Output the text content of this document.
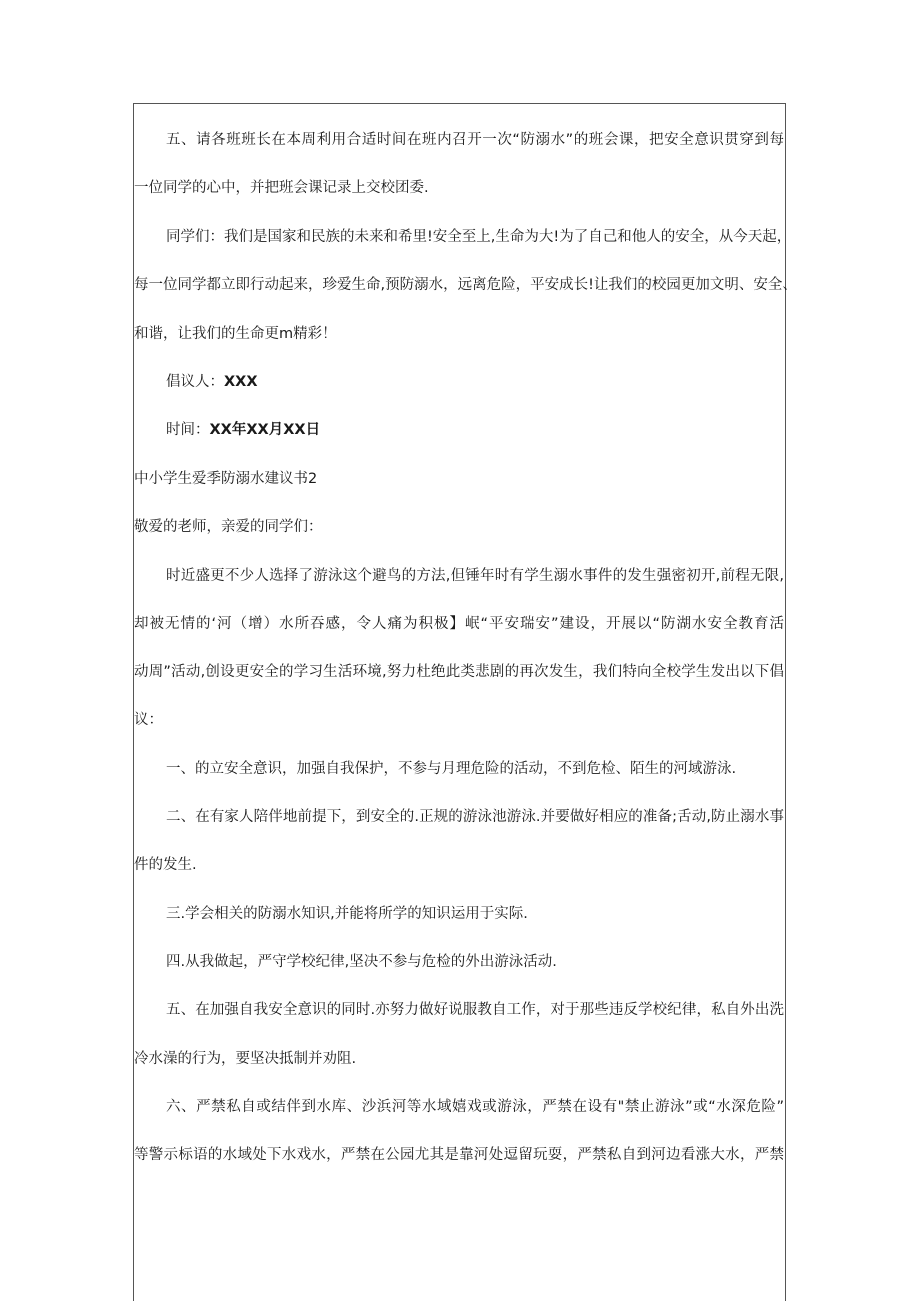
五、请各班班长在本周利用合适时间在班内召开一次“防溺水”的班会课，把安全意识贯穿到每
一位同学的心中，并把班会课记录上交校团委.
同学们：我们是国家和民族的未来和希里!安全至上,生命为大!为了自己和他人的安全，从今天起，
每一位同学都立即行动起来，珍爱生命,预防溺水，远离危险，平安成长!让我们的校园更加文明、安全、
和谐，让我们的生命更m精彩！
倡议人：XXX
时间：XX年XX月XX日
中小学生爱季防溺水建议书2
敬爱的老师，亲爱的同学们：
时近盛更不少人选择了游泳这个避鸟的方法,但锤年时有学生溺水事件的发生强密初开,前程无限,
却被无情的‘河（增）水所吞感，令人痛为积极】岷“平安瑞安”建设，开展以“防湖水安全教育活
动周”活动,创设更安全的学习生活环境,努力杜绝此类悲剧的再次发生，我们特向全校学生发出以下倡
议：
一、的立安全意识，加强自我保护，不参与月理危险的活动，不到危检、陌生的河域游泳.
二、在有家人陪伴地前提下，到安全的.正规的游泳池游泳.并要做好相应的准备;舌动,防止溺水事
件的发生.
三.学会相关的防溺水知识,并能将所学的知识运用于实际.
四.从我做起，严守学校纪律,坚决不参与危检的外出游泳活动.
五、在加强自我安全意识的同时.亦努力做好说服教自工作，对于那些违反学校纪律，私自外出洗
冷水澡的行为，要坚决抵制并劝阻.
六、严禁私自或结伴到水库、沙浜河等水域嬉戏或游泳，严禁在设有"禁止游泳”或“水深危险”
等警示标语的水域处下水戏水，严禁在公园尤其是靠河处逗留玩耍，严禁私自到河边看涨大水，严禁
